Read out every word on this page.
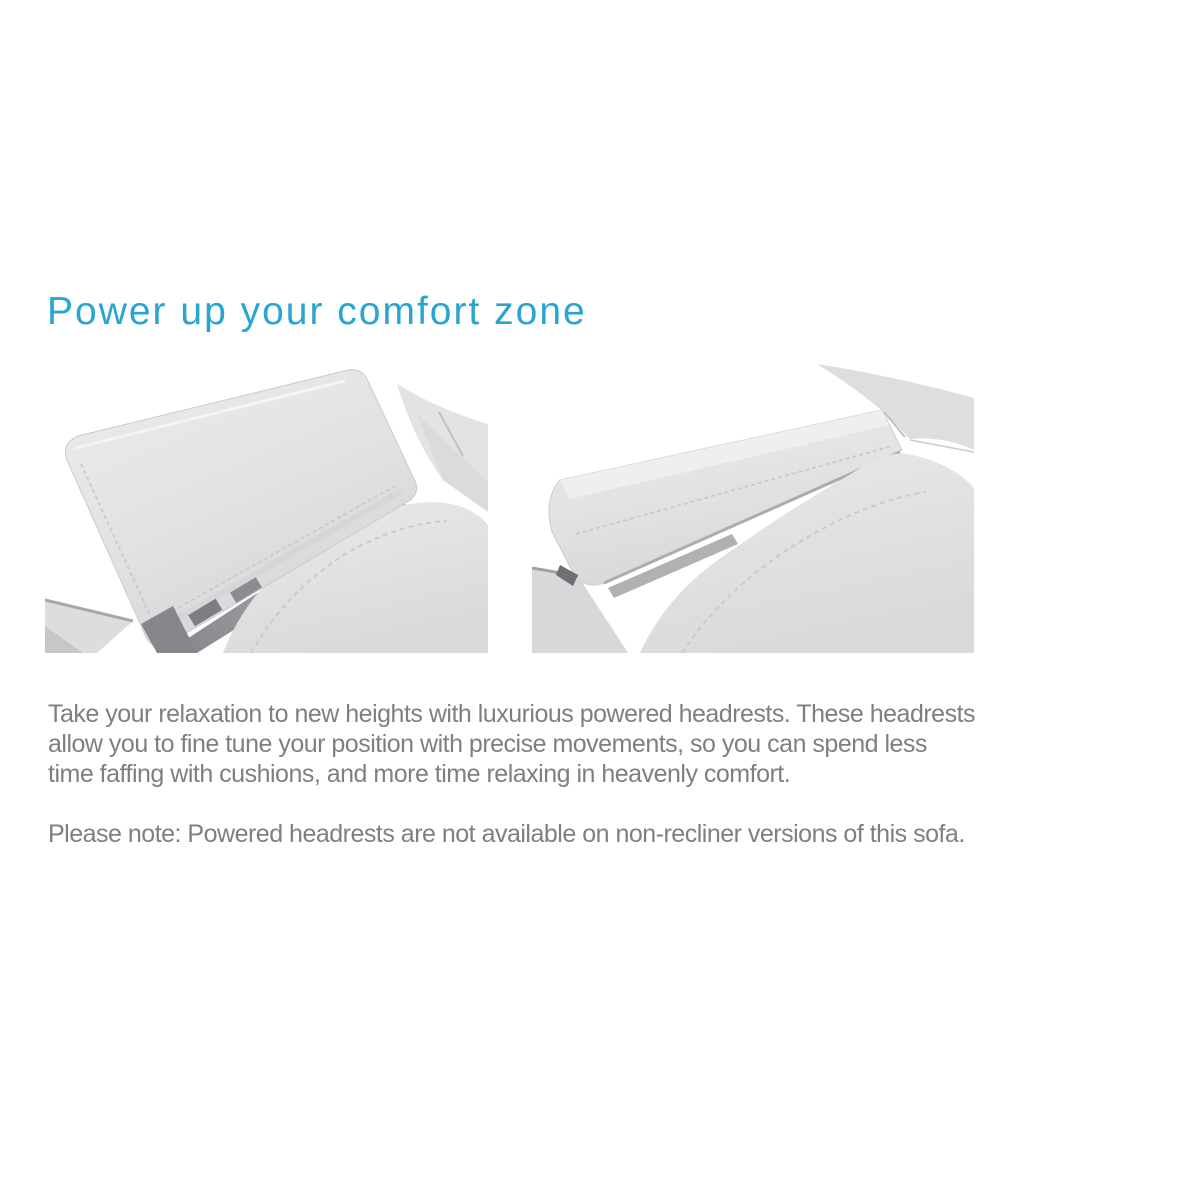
Power up your comfort zone
Take your relaxation to new heights with luxurious powered headrests. These headrests
allow you to fine tune your position with precise movements, so you can spend less
time faffing with cushions, and more time relaxing in heavenly comfort.
Please note: Powered headrests are not available on non-recliner versions of this sofa.
